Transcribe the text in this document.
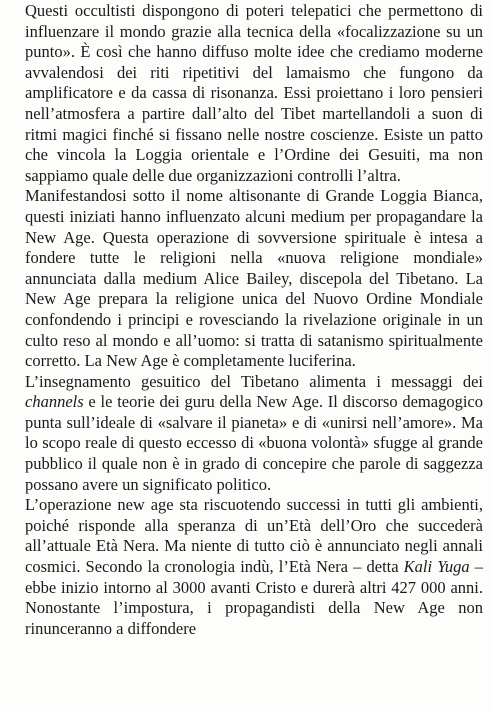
Questi occultisti dispongono di poteri telepatici che permettono di influenzare il mondo grazie alla tecnica della «focalizzazione su un punto». È così che hanno diffuso molte idee che crediamo moderne avvalendosi dei riti ripetitivi del lamaismo che fungono da amplificatore e da cassa di risonanza. Essi proiettano i loro pensieri nell’atmosfera a partire dall’alto del Tibet martellandoli a suon di ritmi magici finché si fissano nelle nostre coscienze. Esiste un patto che vincola la Loggia orientale e l’Ordine dei Gesuiti, ma non sappiamo quale delle due organizzazioni controlli l’altra.

Manifestandosi sotto il nome altisonante di Grande Loggia Bianca, questi iniziati hanno influenzato alcuni medium per propagandare la New Age. Questa operazione di sovversione spirituale è intesa a fondere tutte le religioni nella «nuova religione mondiale» annunciata dalla medium Alice Bailey, discepola del Tibetano. La New Age prepara la religione unica del Nuovo Ordine Mondiale confondendo i principi e rovesciando la rivelazione originale in un culto reso al mondo e all’uomo: si tratta di satanismo spiritualmente corretto. La New Age è completamente luciferina.

L’insegnamento gesuitico del Tibetano alimenta i messaggi dei channels e le teorie dei guru della New Age. Il discorso demagogico punta sull’ideale di «salvare il pianeta» e di «unirsi nell’amore». Ma lo scopo reale di questo eccesso di «buona volontà» sfugge al grande pubblico il quale non è in grado di concepire che parole di saggezza possano avere un significato politico.

L’operazione new age sta riscuotendo successi in tutti gli ambienti, poiché risponde alla speranza di un’Età dell’Oro che succederà all’attuale Età Nera. Ma niente di tutto ciò è annunciato negli annali cosmici. Secondo la cronologia indù, l’Età Nera – detta Kali Yuga – ebbe inizio intorno al 3000 avanti Cristo e durerà altri 427 000 anni. Nonostante l’impostura, i propagandisti della New Age non rinunceranno a diffondere
